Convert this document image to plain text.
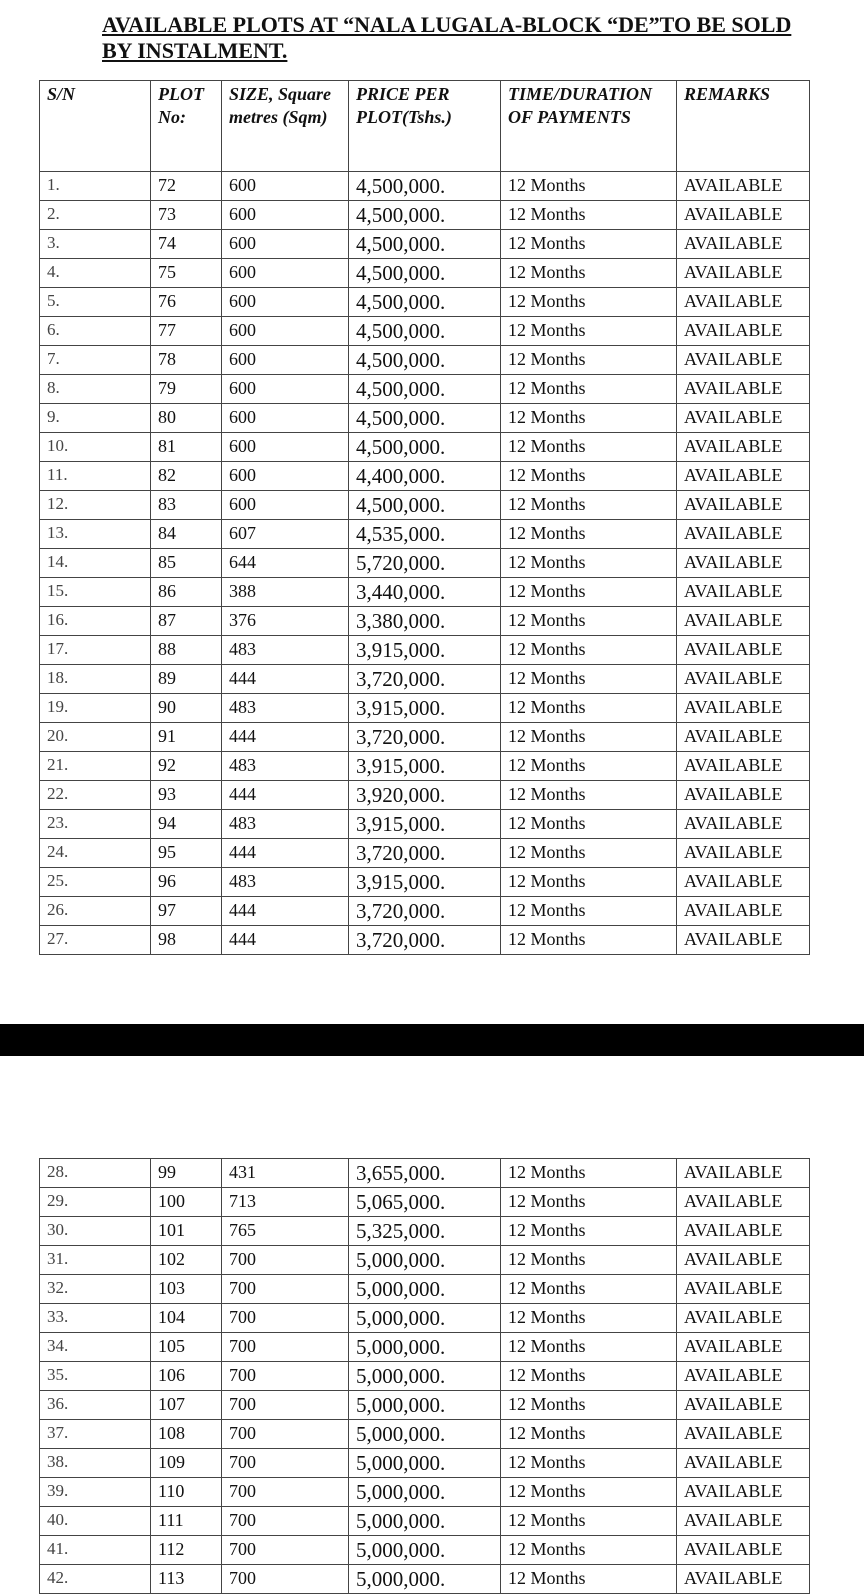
AVAILABLE PLOTS AT “NALA LUGALA-BLOCK “DE”TO BE SOLD BY INSTALMENT.
S/N	PLOT No:	SIZE, Square metres (Sqm)	PRICE PER PLOT(Tshs.)	TIME/DURATION OF PAYMENTS	REMARKS
1.	72	600	4,500,000.	12 Months	AVAILABLE
2.	73	600	4,500,000.	12 Months	AVAILABLE
3.	74	600	4,500,000.	12 Months	AVAILABLE
4.	75	600	4,500,000.	12 Months	AVAILABLE
5.	76	600	4,500,000.	12 Months	AVAILABLE
6.	77	600	4,500,000.	12 Months	AVAILABLE
7.	78	600	4,500,000.	12 Months	AVAILABLE
8.	79	600	4,500,000.	12 Months	AVAILABLE
9.	80	600	4,500,000.	12 Months	AVAILABLE
10.	81	600	4,500,000.	12 Months	AVAILABLE
11.	82	600	4,400,000.	12 Months	AVAILABLE
12.	83	600	4,500,000.	12 Months	AVAILABLE
13.	84	607	4,535,000.	12 Months	AVAILABLE
14.	85	644	5,720,000.	12 Months	AVAILABLE
15.	86	388	3,440,000.	12 Months	AVAILABLE
16.	87	376	3,380,000.	12 Months	AVAILABLE
17.	88	483	3,915,000.	12 Months	AVAILABLE
18.	89	444	3,720,000.	12 Months	AVAILABLE
19.	90	483	3,915,000.	12 Months	AVAILABLE
20.	91	444	3,720,000.	12 Months	AVAILABLE
21.	92	483	3,915,000.	12 Months	AVAILABLE
22.	93	444	3,920,000.	12 Months	AVAILABLE
23.	94	483	3,915,000.	12 Months	AVAILABLE
24.	95	444	3,720,000.	12 Months	AVAILABLE
25.	96	483	3,915,000.	12 Months	AVAILABLE
26.	97	444	3,720,000.	12 Months	AVAILABLE
27.	98	444	3,720,000.	12 Months	AVAILABLE
28.	99	431	3,655,000.	12 Months	AVAILABLE
29.	100	713	5,065,000.	12 Months	AVAILABLE
30.	101	765	5,325,000.	12 Months	AVAILABLE
31.	102	700	5,000,000.	12 Months	AVAILABLE
32.	103	700	5,000,000.	12 Months	AVAILABLE
33.	104	700	5,000,000.	12 Months	AVAILABLE
34.	105	700	5,000,000.	12 Months	AVAILABLE
35.	106	700	5,000,000.	12 Months	AVAILABLE
36.	107	700	5,000,000.	12 Months	AVAILABLE
37.	108	700	5,000,000.	12 Months	AVAILABLE
38.	109	700	5,000,000.	12 Months	AVAILABLE
39.	110	700	5,000,000.	12 Months	AVAILABLE
40.	111	700	5,000,000.	12 Months	AVAILABLE
41.	112	700	5,000,000.	12 Months	AVAILABLE
42.	113	700	5,000,000.	12 Months	AVAILABLE
